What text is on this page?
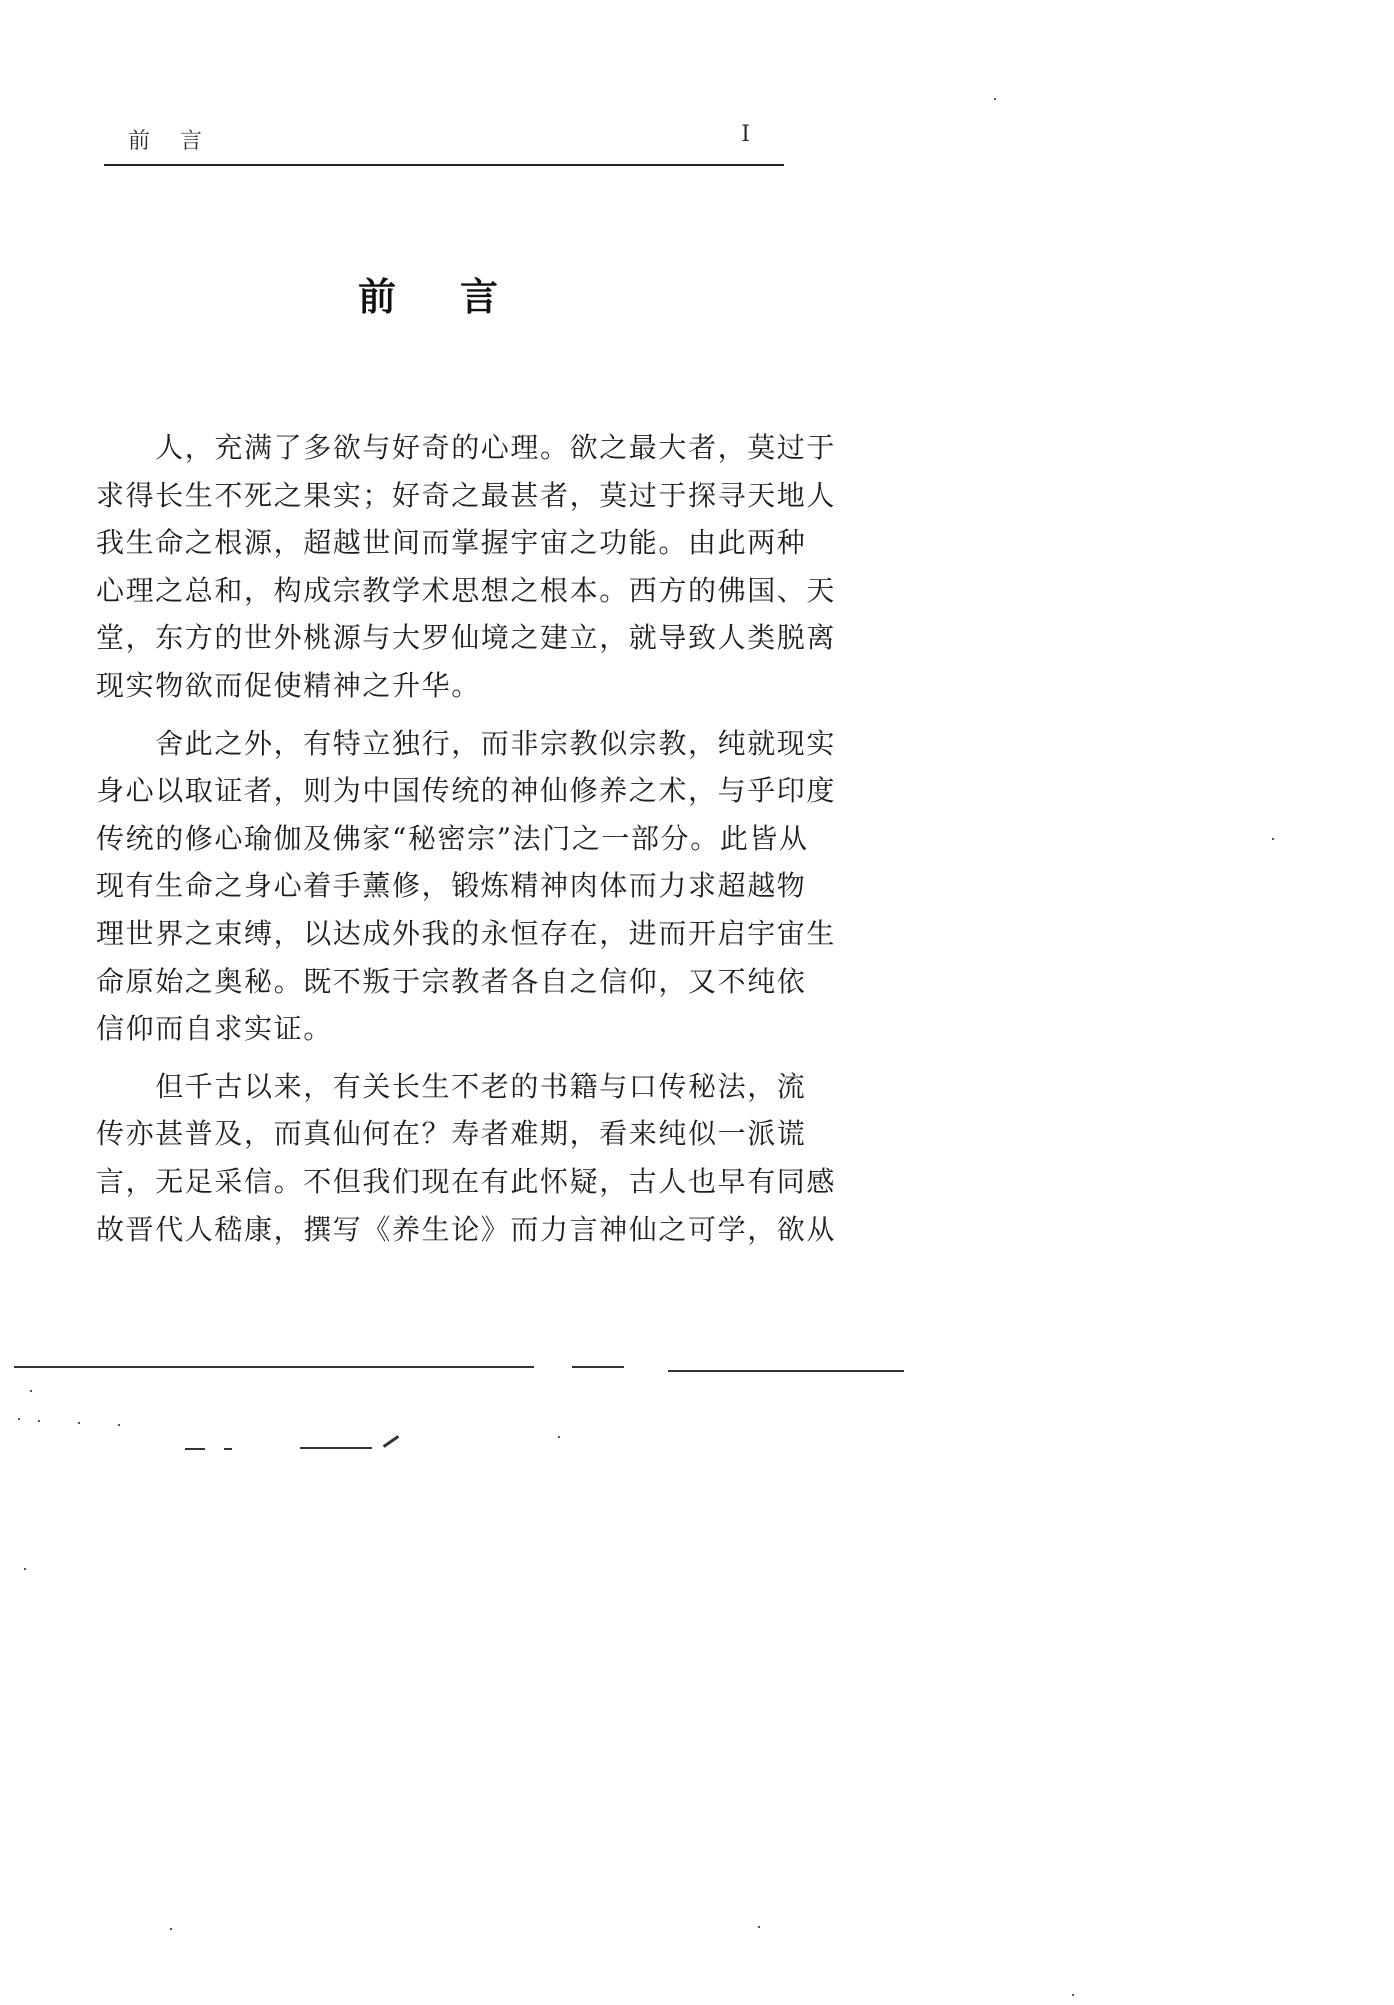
前言	I
前言
　　人，充满了多欲与好奇的心理。欲之最大者，莫过于
求得长生不死之果实；好奇之最甚者，莫过于探寻天地人
我生命之根源，超越世间而掌握宇宙之功能。由此两种
心理之总和，构成宗教学术思想之根本。西方的佛国、天
堂，东方的世外桃源与大罗仙境之建立，就导致人类脱离
现实物欲而促使精神之升华。
　　舍此之外，有特立独行，而非宗教似宗教，纯就现实
身心以取证者，则为中国传统的神仙修养之术，与乎印度
传统的修心瑜伽及佛家“秘密宗”法门之一部分。此皆从
现有生命之身心着手薰修，锻炼精神肉体而力求超越物
理世界之束缚，以达成外我的永恒存在，进而开启宇宙生
命原始之奥秘。既不叛于宗教者各自之信仰，又不纯依
信仰而自求实证。
　　但千古以来，有关长生不老的书籍与口传秘法，流
传亦甚普及，而真仙何在？寿者难期，看来纯似一派谎
言，无足采信。不但我们现在有此怀疑，古人也早有同感
故晋代人嵇康，撰写《养生论》而力言神仙之可学，欲从
